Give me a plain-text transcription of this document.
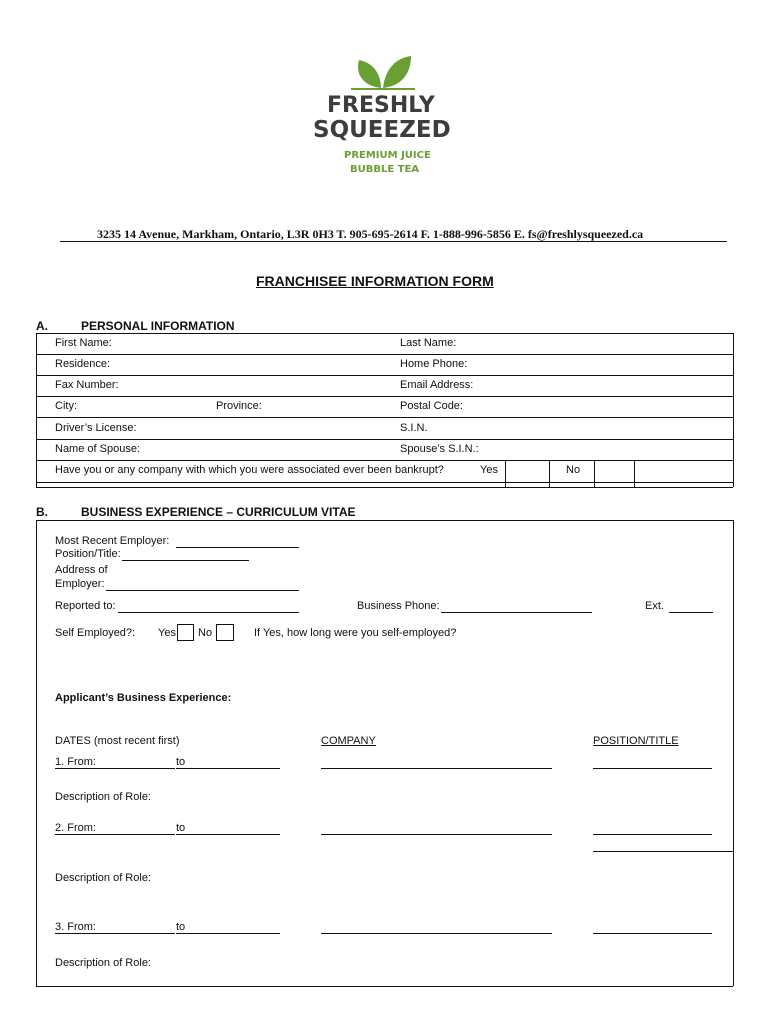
FRESHLY
SQUEEZED
PREMIUM JUICE
BUBBLE TEA
3235 14 Avenue, Markham, Ontario, L3R 0H3 T. 905-695-2614 F. 1-888-996-5856 E. fs@freshlysqueezed.ca
FRANCHISEE INFORMATION FORM
A.	PERSONAL INFORMATION
First Name:	Last Name:
Residence:	Home Phone:
Fax Number:	Email Address:
City:	Province:	Postal Code:
Driver’s License:	S.I.N.
Name of Spouse:	Spouse’s S.I.N.:
Have you or any company with which you were associated ever been bankrupt?	Yes	No
B.	BUSINESS EXPERIENCE – CURRICULUM VITAE
Most Recent Employer:
Position/Title:
Address of
Employer:
Reported to:	Business Phone:	Ext.
Self Employed?: Yes No	If Yes, how long were you self-employed?
Applicant’s Business Experience:
DATES (most recent first)	COMPANY	POSITION/TITLE
1. From:	to
Description of Role:
2. From:	to
Description of Role:
3. From:	to
Description of Role:
